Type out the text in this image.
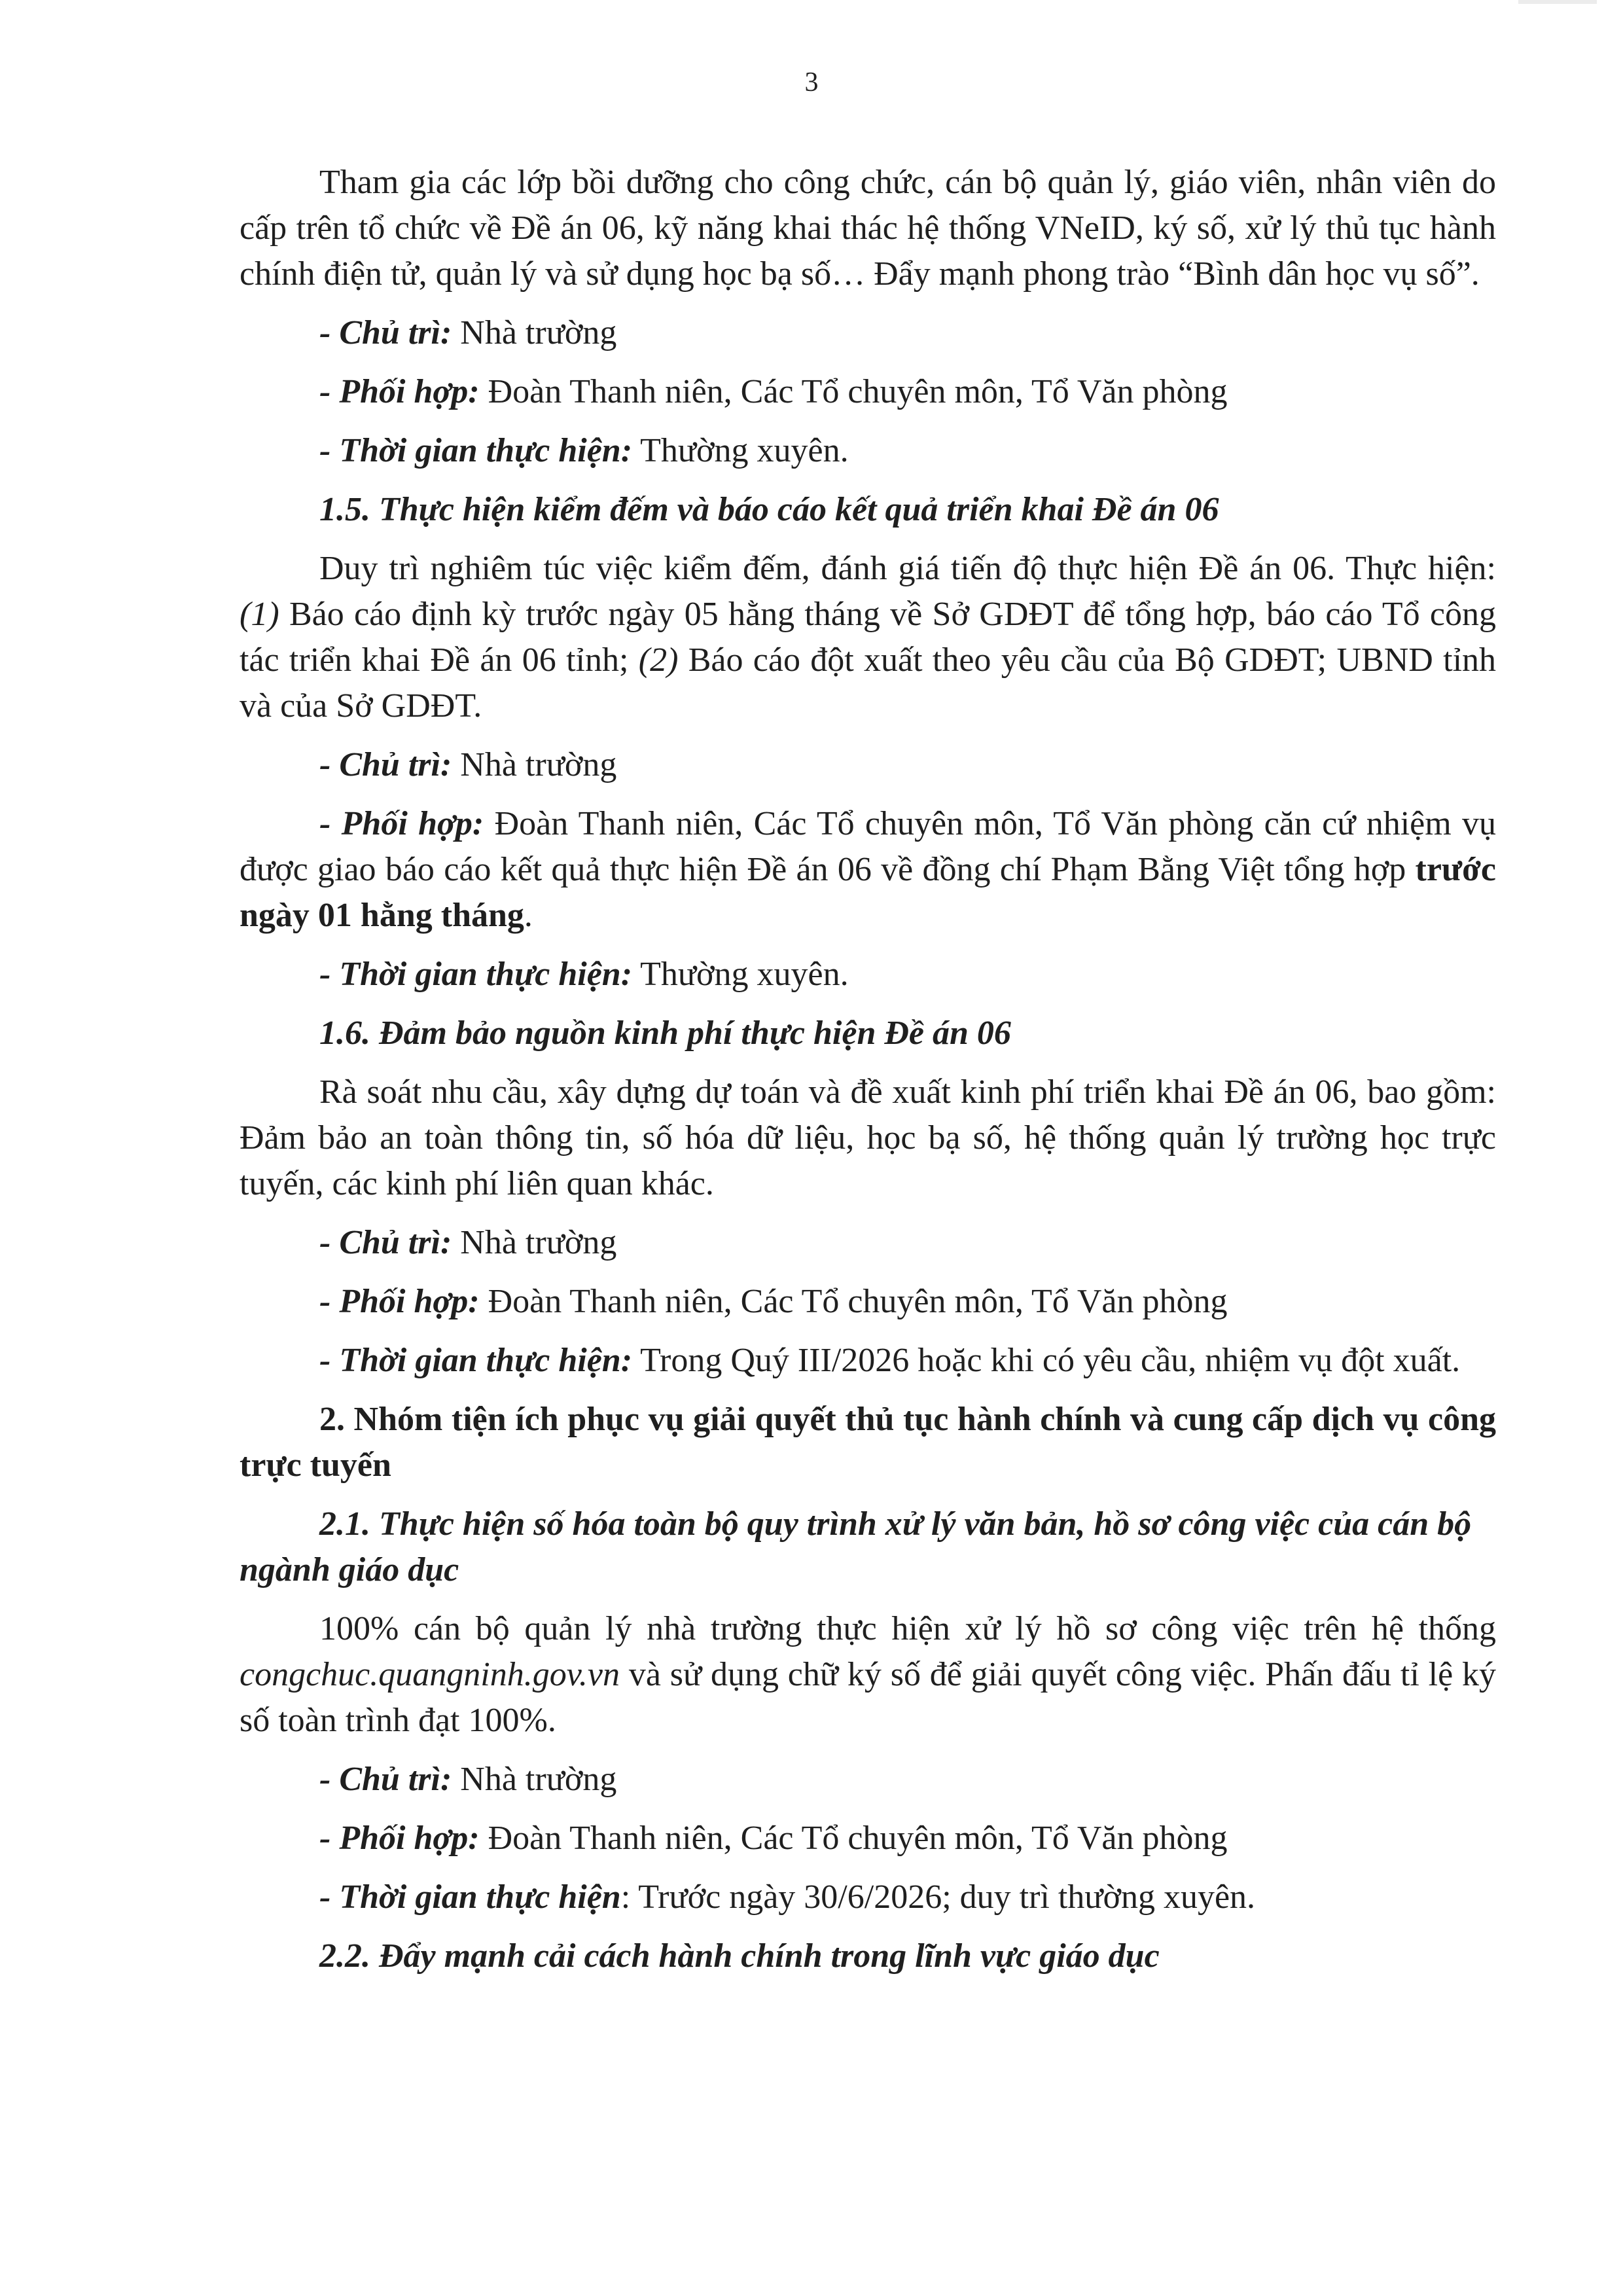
3

Tham gia các lớp bồi dưỡng cho công chức, cán bộ quản lý, giáo viên, nhân viên do cấp trên tổ chức về Đề án 06, kỹ năng khai thác hệ thống VNeID, ký số, xử lý thủ tục hành chính điện tử, quản lý và sử dụng học bạ số… Đẩy mạnh phong trào “Bình dân học vụ số”.

- Chủ trì: Nhà trường

- Phối hợp: Đoàn Thanh niên, Các Tổ chuyên môn, Tổ Văn phòng

- Thời gian thực hiện: Thường xuyên.

1.5. Thực hiện kiểm đếm và báo cáo kết quả triển khai Đề án 06

Duy trì nghiêm túc việc kiểm đếm, đánh giá tiến độ thực hiện Đề án 06. Thực hiện: (1) Báo cáo định kỳ trước ngày 05 hằng tháng về Sở GDĐT để tổng hợp, báo cáo Tổ công tác triển khai Đề án 06 tỉnh; (2) Báo cáo đột xuất theo yêu cầu của Bộ GDĐT; UBND tỉnh và của Sở GDĐT.

- Chủ trì: Nhà trường

- Phối hợp: Đoàn Thanh niên, Các Tổ chuyên môn, Tổ Văn phòng căn cứ nhiệm vụ được giao báo cáo kết quả thực hiện Đề án 06 về đồng chí Phạm Bằng Việt tổng hợp trước ngày 01 hằng tháng.

- Thời gian thực hiện: Thường xuyên.

1.6. Đảm bảo nguồn kinh phí thực hiện Đề án 06

Rà soát nhu cầu, xây dựng dự toán và đề xuất kinh phí triển khai Đề án 06, bao gồm: Đảm bảo an toàn thông tin, số hóa dữ liệu, học bạ số, hệ thống quản lý trường học trực tuyến, các kinh phí liên quan khác.

- Chủ trì: Nhà trường

- Phối hợp: Đoàn Thanh niên, Các Tổ chuyên môn, Tổ Văn phòng

- Thời gian thực hiện: Trong Quý III/2026 hoặc khi có yêu cầu, nhiệm vụ đột xuất.

2. Nhóm tiện ích phục vụ giải quyết thủ tục hành chính và cung cấp dịch vụ công trực tuyến

2.1. Thực hiện số hóa toàn bộ quy trình xử lý văn bản, hồ sơ công việc của cán bộ ngành giáo dục

100% cán bộ quản lý nhà trường thực hiện xử lý hồ sơ công việc trên hệ thống congchuc.quangninh.gov.vn và sử dụng chữ ký số để giải quyết công việc. Phấn đấu tỉ lệ ký số toàn trình đạt 100%.

- Chủ trì: Nhà trường

- Phối hợp: Đoàn Thanh niên, Các Tổ chuyên môn, Tổ Văn phòng

- Thời gian thực hiện: Trước ngày 30/6/2026; duy trì thường xuyên.

2.2. Đẩy mạnh cải cách hành chính trong lĩnh vực giáo dục
